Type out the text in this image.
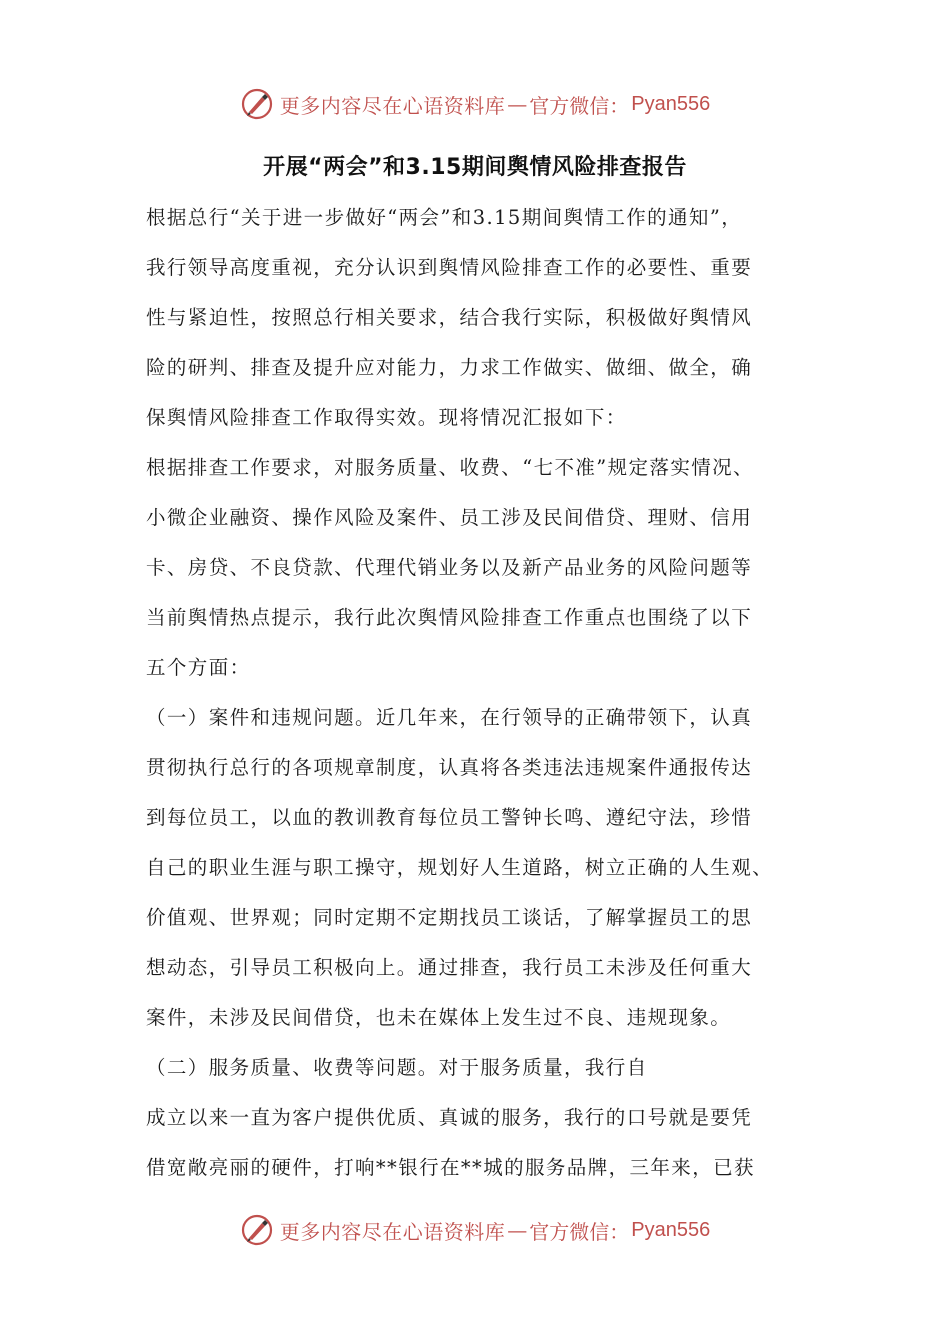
更多内容尽在心语资料库 — 官方微信： Pyan556
开展“两会”和3.15期间舆情风险排查报告
根据总行“关于进一步做好“两会”和3.15期间舆情工作的通知”，
我行领导高度重视，充分认识到舆情风险排查工作的必要性、重要
性与紧迫性，按照总行相关要求，结合我行实际，积极做好舆情风
险的研判、排查及提升应对能力，力求工作做实、做细、做全，确
保舆情风险排查工作取得实效。现将情况汇报如下：
根据排查工作要求，对服务质量、收费、“七不准”规定落实情况、
小微企业融资、操作风险及案件、员工涉及民间借贷、理财、信用
卡、房贷、不良贷款、代理代销业务以及新产品业务的风险问题等
当前舆情热点提示，我行此次舆情风险排查工作重点也围绕了以下
五个方面：
（一）案件和违规问题。近几年来，在行领导的正确带领下，认真
贯彻执行总行的各项规章制度，认真将各类违法违规案件通报传达
到每位员工，以血的教训教育每位员工警钟长鸣、遵纪守法，珍惜
自己的职业生涯与职工操守，规划好人生道路，树立正确的人生观、
价值观、世界观；同时定期不定期找员工谈话，了解掌握员工的思
想动态，引导员工积极向上。通过排查，我行员工未涉及任何重大
案件，未涉及民间借贷，也未在媒体上发生过不良、违规现象。
（二）服务质量、收费等问题。对于服务质量，我行自
成立以来一直为客户提供优质、真诚的服务，我行的口号就是要凭
借宽敞亮丽的硬件，打响**银行在**城的服务品牌，三年来，已获
更多内容尽在心语资料库 — 官方微信： Pyan556
